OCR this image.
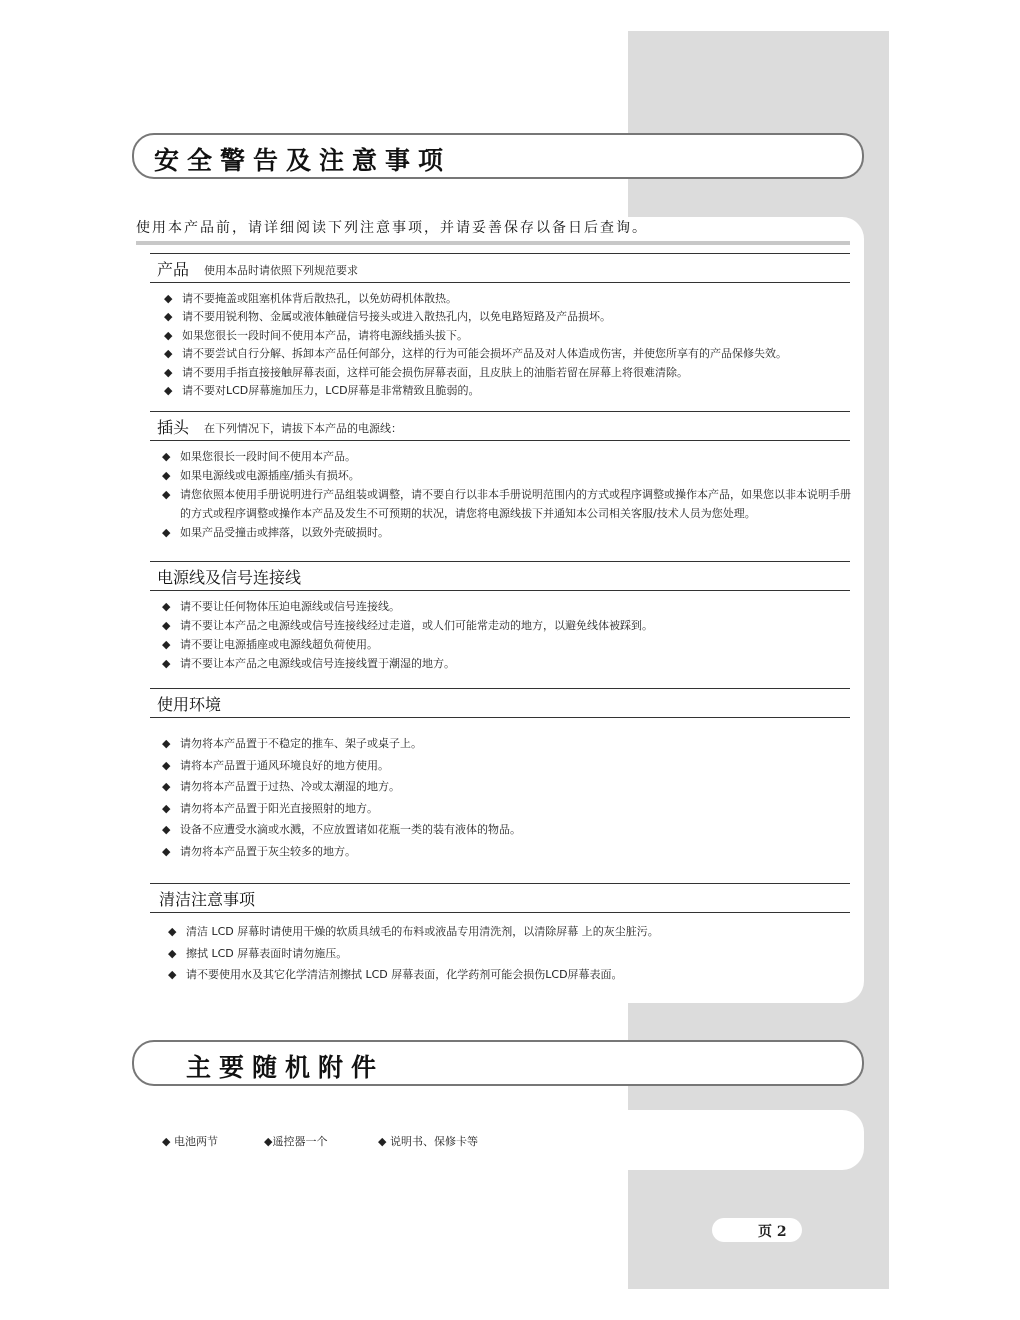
安全警告及注意事项
使用本产品前，请详细阅读下列注意事项，并请妥善保存以备日后查询。
产品 使用本品时请依照下列规范要求
◆ 请不要掩盖或阻塞机体背后散热孔，以免妨碍机体散热。
◆ 请不要用锐利物、金属或液体触碰信号接头或进入散热孔内，以免电路短路及产品损坏。
◆ 如果您很长一段时间不使用本产品，请将电源线插头拔下。
◆ 请不要尝试自行分解、拆卸本产品任何部分，这样的行为可能会损坏产品及对人体造成伤害，并使您所享有的产品保修失效。
◆ 请不要用手指直接接触屏幕表面，这样可能会损伤屏幕表面，且皮肤上的油脂若留在屏幕上将很难清除。
◆ 请不要对LCD屏幕施加压力，LCD屏幕是非常精致且脆弱的。
插头 在下列情况下，请拔下本产品的电源线：
◆ 如果您很长一段时间不使用本产品。
◆ 如果电源线或电源插座/插头有损坏。
◆ 请您依照本使用手册说明进行产品组装或调整，请不要自行以非本手册说明范围内的方式或程序调整或操作本产品，如果您以非本说明手册的方式或程序调整或操作本产品及发生不可预期的状况，请您将电源线拔下并通知本公司相关客服/技术人员为您处理。
◆ 如果产品受撞击或摔落，以致外壳破损时。
电源线及信号连接线
◆ 请不要让任何物体压迫电源线或信号连接线。
◆ 请不要让本产品之电源线或信号连接线经过走道，或人们可能常走动的地方，以避免线体被踩到。
◆ 请不要让电源插座或电源线超负荷使用。
◆ 请不要让本产品之电源线或信号连接线置于潮湿的地方。
使用环境
◆ 请勿将本产品置于不稳定的推车、架子或桌子上。
◆ 请将本产品置于通风环境良好的地方使用。
◆ 请勿将本产品置于过热、冷或太潮湿的地方。
◆ 请勿将本产品置于阳光直接照射的地方。
◆ 设备不应遭受水滴或水溅，不应放置诸如花瓶一类的装有液体的物品。
◆ 请勿将本产品置于灰尘较多的地方。
清洁注意事项
◆ 清洁 LCD 屏幕时请使用干燥的软质具绒毛的布料或液晶专用清洗剂，以清除屏幕 上的灰尘脏污。
◆ 擦拭 LCD 屏幕表面时请勿施压。
◆ 请不要使用水及其它化学清洁剂擦拭 LCD 屏幕表面，化学药剂可能会损伤LCD屏幕表面。
主要随机附件
◆ 电池两节	◆遥控器一个	◆ 说明书、保修卡等
页 2
